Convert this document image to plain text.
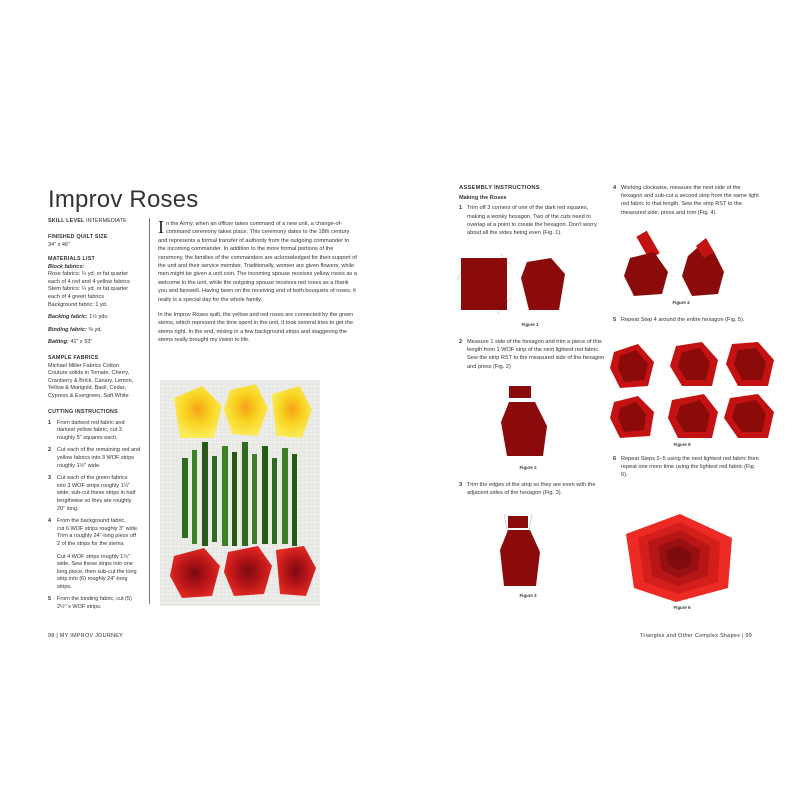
Improv Roses
SKILL LEVEL INTERMEDIATE
FINISHED QUILT SIZE
34" x 46"
MATERIALS LIST
Block fabrics:
Rose fabrics: ¼ yd. or fat quarter
each of 4 red and 4 yellow fabrics
Stem fabrics: ¼ yd. or fat quarter
each of 4 green fabrics
Background fabric: 1 yd.
Backing fabric: 1½ yds.
Binding fabric: ⅜ yd.
Batting: 41" x 53"
SAMPLE FABRICS
Michael Miller Fabrics Cotton
Couture solids in Tomato, Cherry,
Cranberry & Brick, Canary, Lemon,
Yellow & Marigold, Basil, Cedar,
Cypress & Evergreen, Soft White
CUTTING INSTRUCTIONS
1 From darkest red fabric and
darkest yellow fabric, cut 3
roughly 5" squares each.
2 Cut each of the remaining red and
yellow fabrics into 3 WOF strips
roughly 1½" wide.
3 Cut each of the green fabrics
into 3 WOF strips roughly 1½"
wide; sub-cut these strips in half
lengthwise so they are roughly
20" long.
4 From the background fabric,
cut 6 WOF strips roughly 3" wide.
Trim a roughly 24"-long piece off
2 of the strips for the stems.
Cut 4 WOF strips roughly 1½"
wide. Sew these strips into one
long piece, then sub-cut the long
strip into (6) roughly 24"-long
strips.
5 From the binding fabric, cut (5)
2½" x WOF strips.

In the Army, when an officer takes command of a new unit, a change-of-command ceremony takes place. This ceremony dates to the 18th century and represents a formal transfer of authority from the outgoing commander to the incoming commander. In addition to the more formal portions of the ceremony, the families of the commanders are acknowledged for their support of the unit and their service member. Traditionally, women are given flowers, while men might be given a unit coin. The incoming spouse receives yellow roses as a welcome to the unit, while the outgoing spouse receives red roses as a thank you and farewell. Having been on the receiving end of both bouquets of roses, it really is a special day for the whole family.

In the Improv Roses quilt, the yellow and red roses are connected by the green stems, which represent the time spent in the unit. It took several tries to get the stems right. In the end, mixing in a few background strips and staggering the stems really brought my vision to life.

98 | MY IMPROV JOURNEY
ASSEMBLY INSTRUCTIONS
Making the Roses
1 Trim off 3 corners of one of the dark red squares, making a wonky hexagon. Two of the cuts need to overlap at a point to create the hexagon. Don't worry about all the sides being even (Fig. 1).
Figure 1
2 Measure 1 side of the hexagon and trim a piece of this length from 1 WOF strip of the next lightest red fabric. Sew the strip RST to the measured side of the hexagon and press (Fig. 2)
Figure 2
3 Trim the edges of the strip so they are even with the adjacent sides of the hexagon (Fig. 3).
Figure 3
4 Working clockwise, measure the next side of the hexagon and sub-cut a second strip from the same light red fabric to that length. Sew the strip RST to the measured side, press and trim (Fig. 4).
Figure 4
5 Repeat Step 4 around the entire hexagon (Fig. 5).
Figure 5
6 Repeat Steps 2–5 using the next lightest red fabric then repeat one more time using the lightest red fabric (Fig. 6).
Figure 6
Triangles and Other Complex Shapes | 99
